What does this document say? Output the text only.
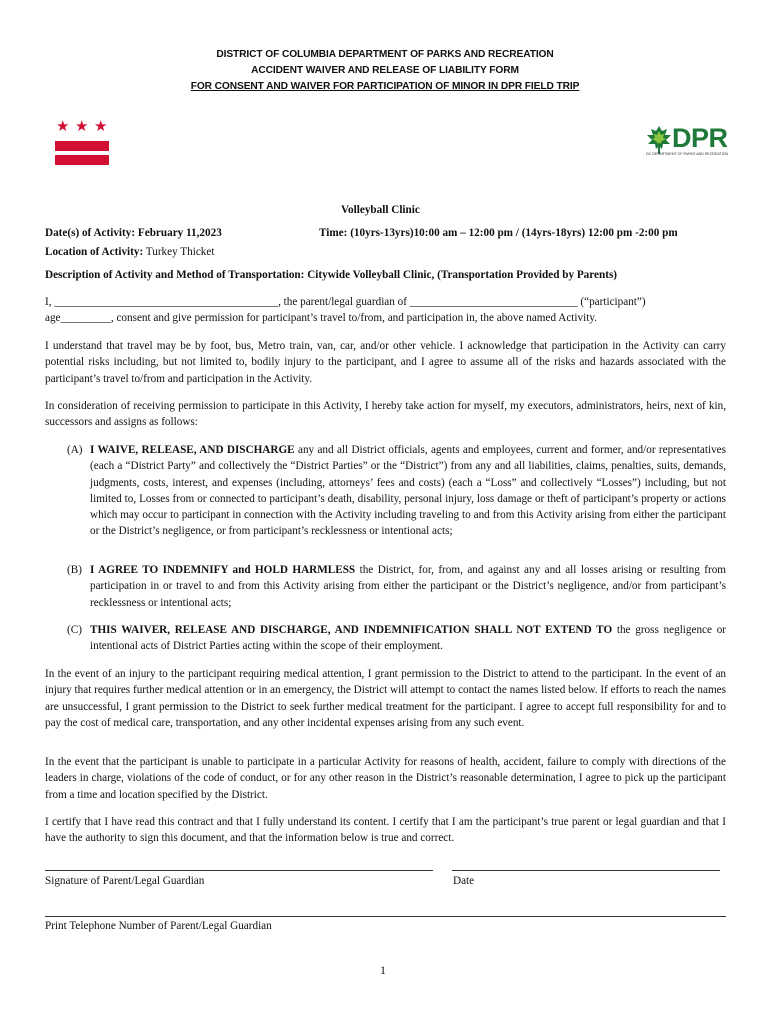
DISTRICT OF COLUMBIA DEPARTMENT OF PARKS AND RECREATION
ACCIDENT WAIVER AND RELEASE OF LIABILITY FORM
FOR CONSENT AND WAIVER FOR PARTICIPATION OF MINOR IN DPR FIELD TRIP
★ ★ ★	DPR
DC DEPARTMENT OF PARKS AND RECREATION
Volleyball Clinic
Date(s) of Activity: February 11,2023	Time: (10yrs-13yrs)10:00 am – 12:00 pm / (14yrs-18yrs) 12:00 pm -2:00 pm
Location of Activity: Turkey Thicket
Description of Activity and Method of Transportation: Citywide Volleyball Clinic, (Transportation Provided by Parents)
I, ________________________________________, the parent/legal guardian of ______________________________ (“participant”)
age_________, consent and give permission for participant’s travel to/from, and participation in, the above named Activity.
I understand that travel may be by foot, bus, Metro train, van, car, and/or other vehicle. I acknowledge that participation in the Activity can carry potential risks including, but not limited to, bodily injury to the participant, and I agree to assume all of the risks and hazards associated with the participant’s travel to/from and participation in the Activity.
In consideration of receiving permission to participate in this Activity, I hereby take action for myself, my executors, administrators, heirs, next of kin, successors and assigns as follows:
(A) I WAIVE, RELEASE, AND DISCHARGE any and all District officials, agents and employees, current and former, and/or representatives (each a “District Party” and collectively the “District Parties” or the “District”) from any and all liabilities, claims, penalties, suits, demands, judgments, costs, interest, and expenses (including, attorneys’ fees and costs) (each a “Loss” and collectively “Losses”) including, but not limited to, Losses from or connected to participant’s death, disability, personal injury, loss damage or theft of participant’s property or actions which may occur to participant in connection with the Activity including traveling to and from this Activity arising from either the participant or the District’s negligence, or from participant’s recklessness or intentional acts;
(B) I AGREE TO INDEMNIFY and HOLD HARMLESS the District, for, from, and against any and all losses arising or resulting from participation in or travel to and from this Activity arising from either the participant or the District’s negligence, and/or from participant’s recklessness or intentional acts;
(C) THIS WAIVER, RELEASE AND DISCHARGE, AND INDEMNIFICATION SHALL NOT EXTEND TO the gross negligence or intentional acts of District Parties acting within the scope of their employment.
In the event of an injury to the participant requiring medical attention, I grant permission to the District to attend to the participant. In the event of an injury that requires further medical attention or in an emergency, the District will attempt to contact the names listed below. If efforts to reach the names are unsuccessful, I grant permission to the District to seek further medical treatment for the participant. I agree to accept full responsibility for and to pay the cost of medical care, transportation, and any other incidental expenses arising from any such event.
In the event that the participant is unable to participate in a particular Activity for reasons of health, accident, failure to comply with directions of the leaders in charge, violations of the code of conduct, or for any other reason in the District’s reasonable determination, I agree to pick up the participant from a time and location specified by the District.
I certify that I have read this contract and that I fully understand its content. I certify that I am the participant’s true parent or legal guardian and that I have the authority to sign this document, and that the information below is true and correct.
Signature of Parent/Legal Guardian	Date
Print Telephone Number of Parent/Legal Guardian
1
